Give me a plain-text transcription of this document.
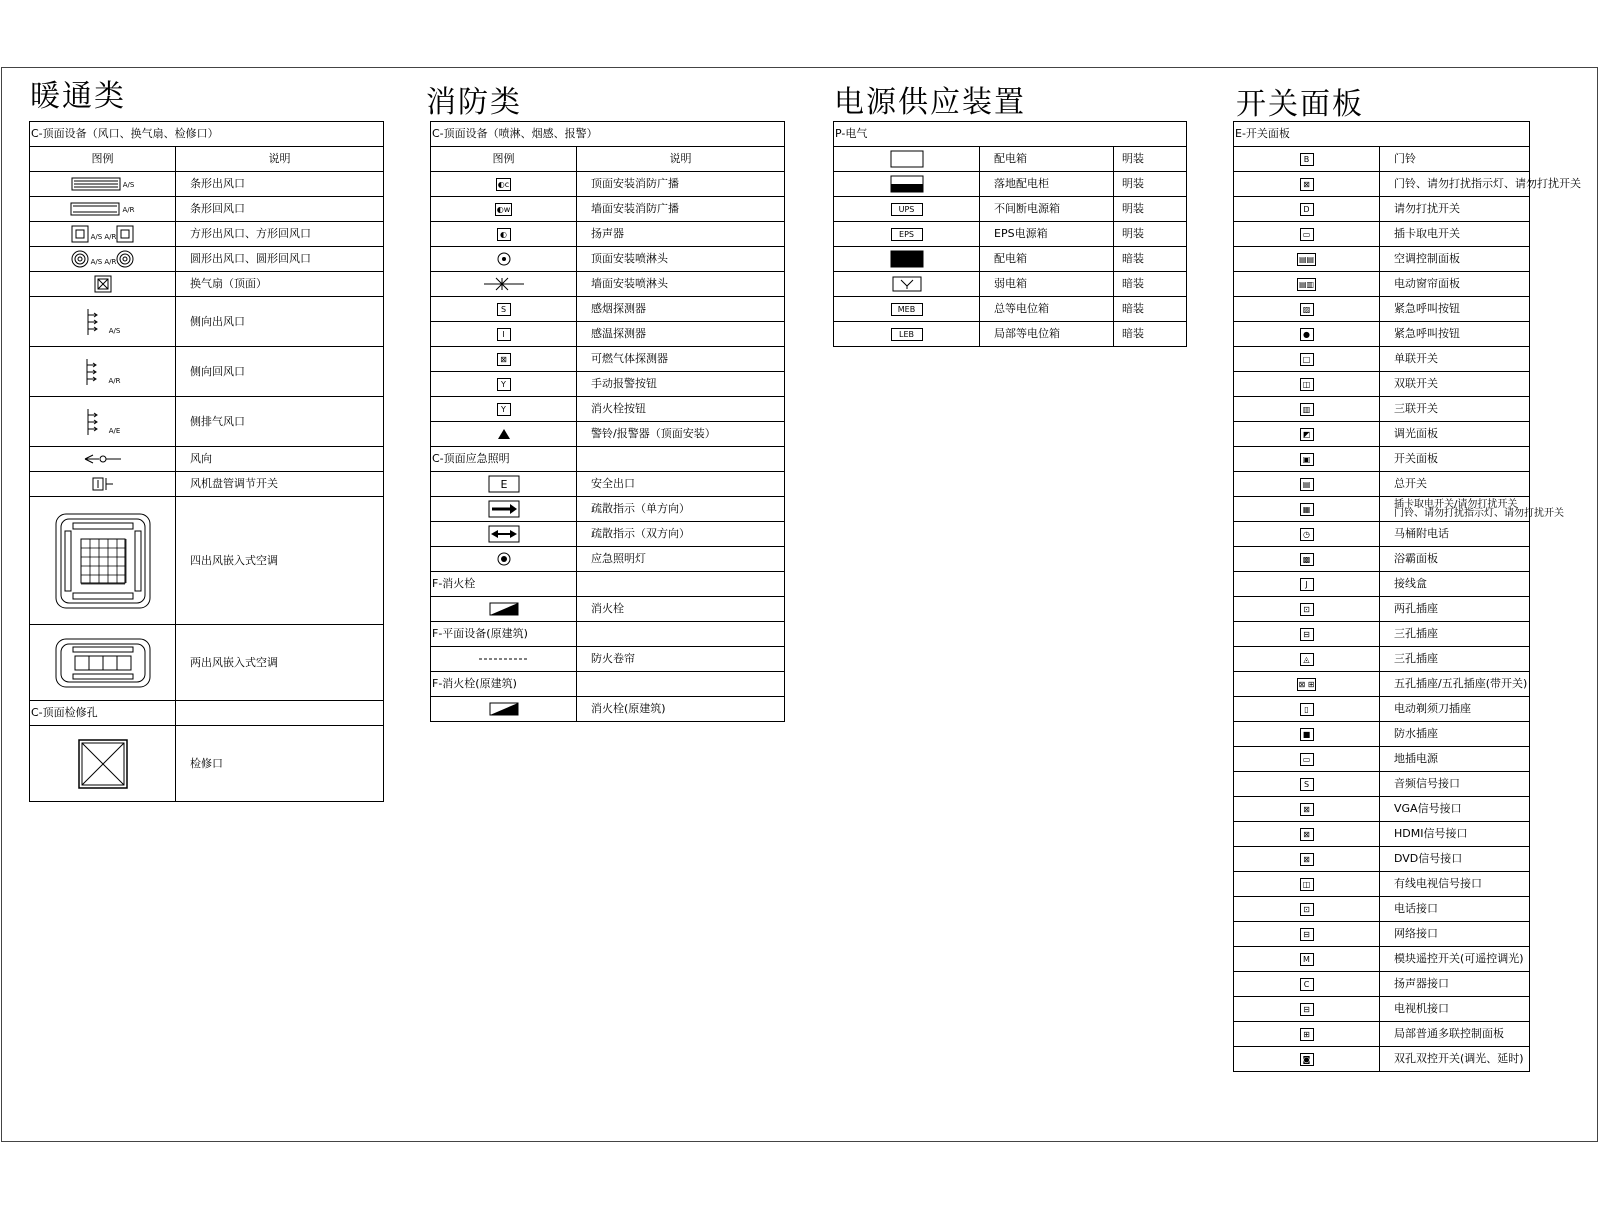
暖通类
C-顶面设备（风口、换气扇、检修口）	
图例	说明
A/S	条形出风口
A/R	条形回风口
A/S A/R	方形出风口、方形回风口
A/S A/R	圆形出风口、圆形回风口
	换气扇（顶面）
A/S	侧向出风口
A/R	侧向回风口
A/E	侧排气风口
	风向
	风机盘管调节开关
	四出风嵌入式空调
	两出风嵌入式空调
C-顶面检修孔	
	检修口
消防类
C-顶面设备（喷淋、烟感、报警）	
图例	说明
◐c	顶面安装消防广播
◐w	墙面安装消防广播
◐	扬声器
	顶面安装喷淋头
	墙面安装喷淋头
S	感烟探测器
I	感温探测器
⊠	可燃气体探测器
Y	手动报警按钮
Y	消火栓按钮
	警铃/报警器（顶面安装）
C-顶面应急照明	

E	安全出口
	疏散指示（单方向）
	疏散指示（双方向）
	应急照明灯
F-消火栓	
	消火栓
F-平面设备(原建筑)	
	防火卷帘
F-消火栓(原建筑)	
	消火栓(原建筑)
电源供应装置
P-电气		
	配电箱	明装
	落地配电柜	明装
UPS	不间断电源箱	明装
EPS	EPS电源箱	明装
	配电箱	暗装
	弱电箱	暗装
MEB	总等电位箱	暗装
LEB	局部等电位箱	暗装
开关面板
E-开关面板	
B	门铃
⊠	门铃、请勿打扰指示灯、请勿打扰开关
D	请勿打扰开关
▭	插卡取电开关
▤▤	空调控制面板
▤▥	电动窗帘面板
▨	紧急呼叫按钮
●	紧急呼叫按钮
□	单联开关
◫	双联开关
▥	三联开关
◩	调光面板
▣	开关面板
▤	总开关
▦	插卡取电开关/请勿打扰开关
门铃、请勿打扰指示灯、请勿打扰开关

◷	马桶附电话
▩	浴霸面板
J	接线盒
⊡	两孔插座
⊟	三孔插座
◬	三孔插座
⊠ ⊞	五孔插座/五孔插座(带开关)
▯	电动剃须刀插座
■	防水插座
▭	地插电源
S	音频信号接口
⊠	VGA信号接口
⊠	HDMI信号接口
⊠	DVD信号接口
◫	有线电视信号接口
⊡	电话接口
⊟	网络接口
M	模块遥控开关(可遥控调光)
C	扬声器接口
⊟	电视机接口
⊞	局部普通多联控制面板
◙	双孔双控开关(调光、延时)
